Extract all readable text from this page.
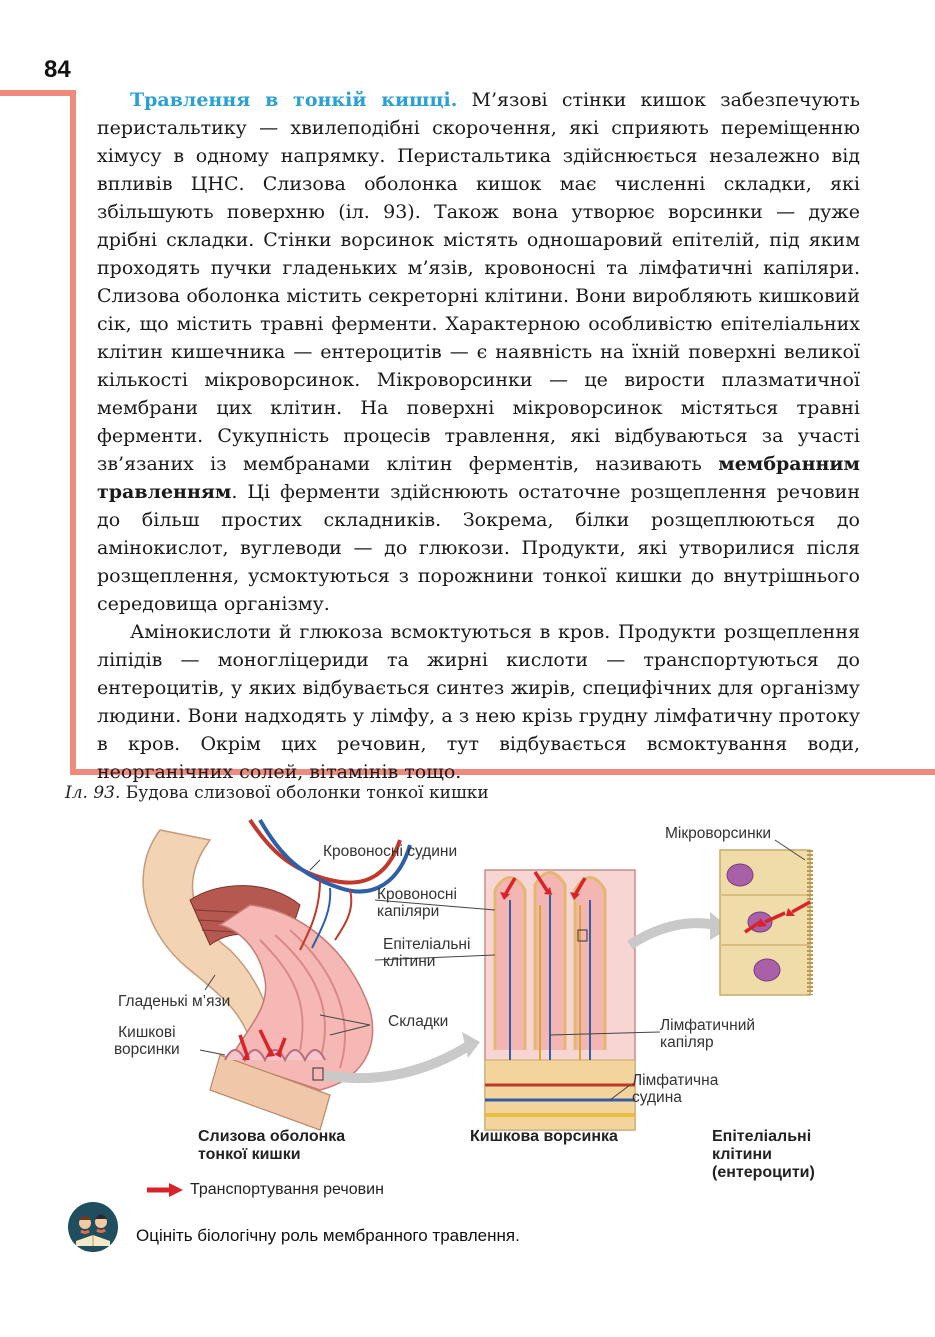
84

Травлення в тонкій кишці. М’язові стінки кишок забезпечують перистальтику — хвилеподібні скорочення, які сприяють переміщенню хімусу в одному напрямку. Перистальтика здійснюється незалежно від впливів ЦНС. Слизова оболонка кишок має численні складки, які збільшують поверхню (іл. 93). Також вона утворює ворсинки — дуже дрібні складки. Стінки ворсинок містять одношаровий епітелій, під яким проходять пучки гладеньких м’язів, кровоносні та лімфатичні капіляри. Слизова оболонка містить секреторні клітини. Вони виробляють кишковий сік, що містить травні ферменти. Характерною особливістю епітеліальних клітин кишечника — ентероцитів — є наявність на їхній поверхні великої кількості мікроворсинок. Мікроворсинки — це вирости плазматичної мембрани цих клітин. На поверхні мікроворсинок містяться травні ферменти. Сукупність процесів травлення, які відбуваються за участі зв’язаних із мембранами клітин ферментів, називають мембранним травленням. Ці ферменти здійснюють остаточне розщеплення речовин до більш простих складників. Зокрема, білки розщеплюються до амінокислот, вуглеводи — до глюкози. Продукти, які утворилися після розщеплення, усмоктуються з порожнини тонкої кишки до внутрішнього середовища організму.

Амінокислоти й глюкоза всмоктуються в кров. Продукти розщеплення ліпідів — моногліцериди та жирні кислоти — транспортуються до ентероцитів, у яких відбувається синтез жирів, специфічних для організму людини. Вони надходять у лімфу, а з нею крізь грудну лімфатичну протоку в кров. Окрім цих речовин, тут відбувається всмоктування води, неорганічних солей, вітамінів тощо.

Іл. 93. Будова слизової оболонки тонкої кишки
Кровоносні судини
Кровоносні
капіляри
Епітеліальні
клітини
Гладенькі м’язи
Кишкові
ворсинки
Складки
Мікроворсинки
Лімфатичний
капіляр
Лімфатична
судина
Слизова оболонка
тонкої кишки
Кишкова ворсинка	Епітеліальні
клітини
(ентероцити)
Транспортування речовин
Оцініть біологічну роль мембранного травлення.
